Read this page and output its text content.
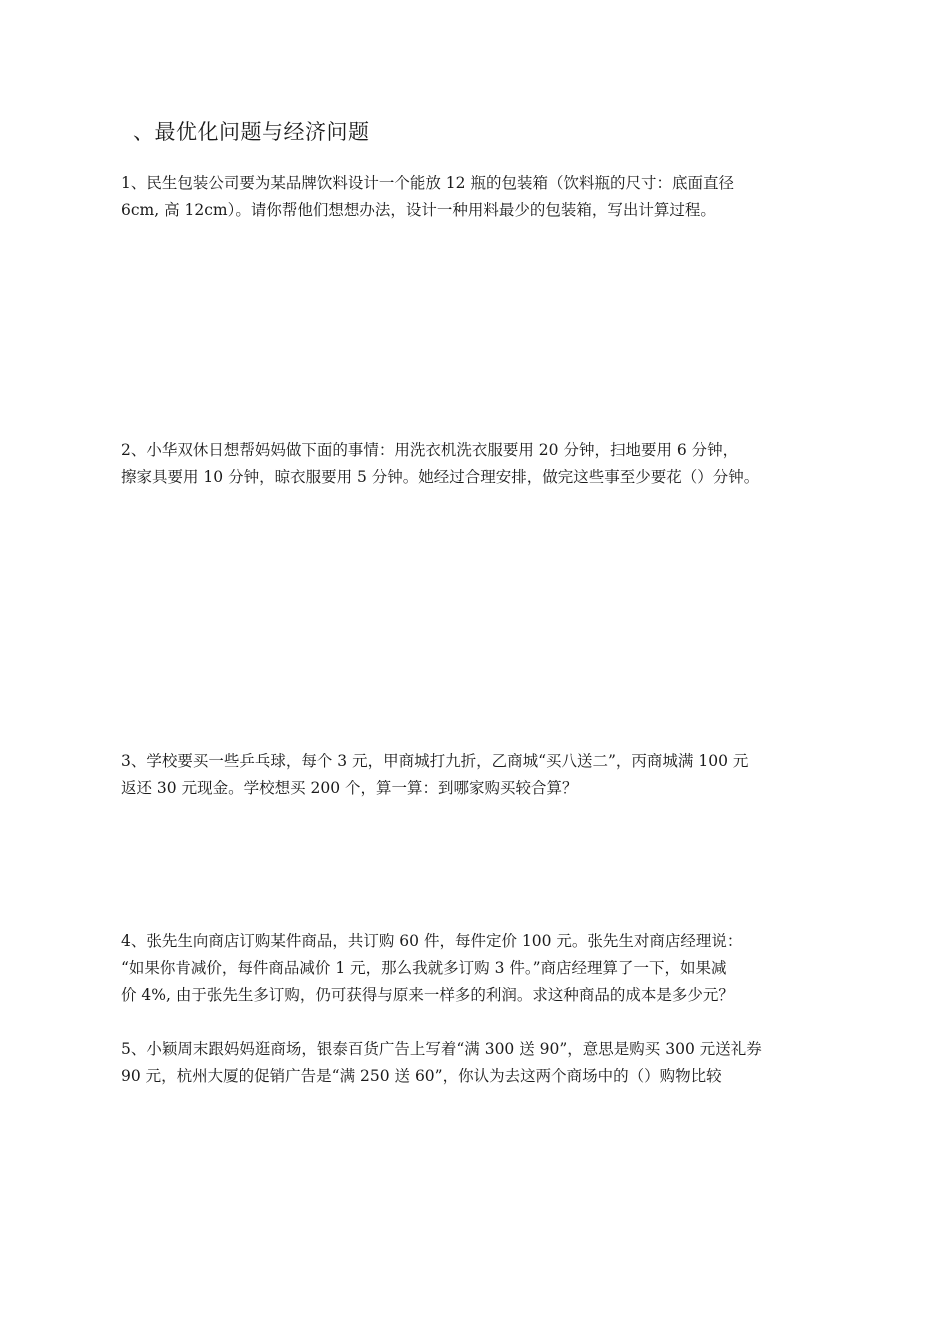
、最优化问题与经济问题
1、民生包装公司要为某品牌饮料设计一个能放 12 瓶的包装箱（饮料瓶的尺寸：底面直径
6cm, 高 12cm）。请你帮他们想想办法，设计一种用料最少的包装箱，写出计算过程。
2、小华双休日想帮妈妈做下面的事情：用洗衣机洗衣服要用 20 分钟，扫地要用 6 分钟，
擦家具要用 10 分钟，晾衣服要用 5 分钟。她经过合理安排，做完这些事至少要花（）分钟。
3、学校要买一些乒乓球，每个 3 元，甲商城打九折，乙商城“买八送二”，丙商城满 100 元
返还 30 元现金。学校想买 200 个，算一算：到哪家购买较合算？
4、张先生向商店订购某件商品，共订购 60 件，每件定价 100 元。张先生对商店经理说：
“如果你肯减价，每件商品减价 1 元，那么我就多订购 3 件。”商店经理算了一下，如果减
价 4%, 由于张先生多订购，仍可获得与原来一样多的利润。求这种商品的成本是多少元？
5、小颖周末跟妈妈逛商场，银泰百货广告上写着“满 300 送 90”，意思是购买 300 元送礼券
90 元，杭州大厦的促销广告是“满 250 送 60”，你认为去这两个商场中的（）购物比较
